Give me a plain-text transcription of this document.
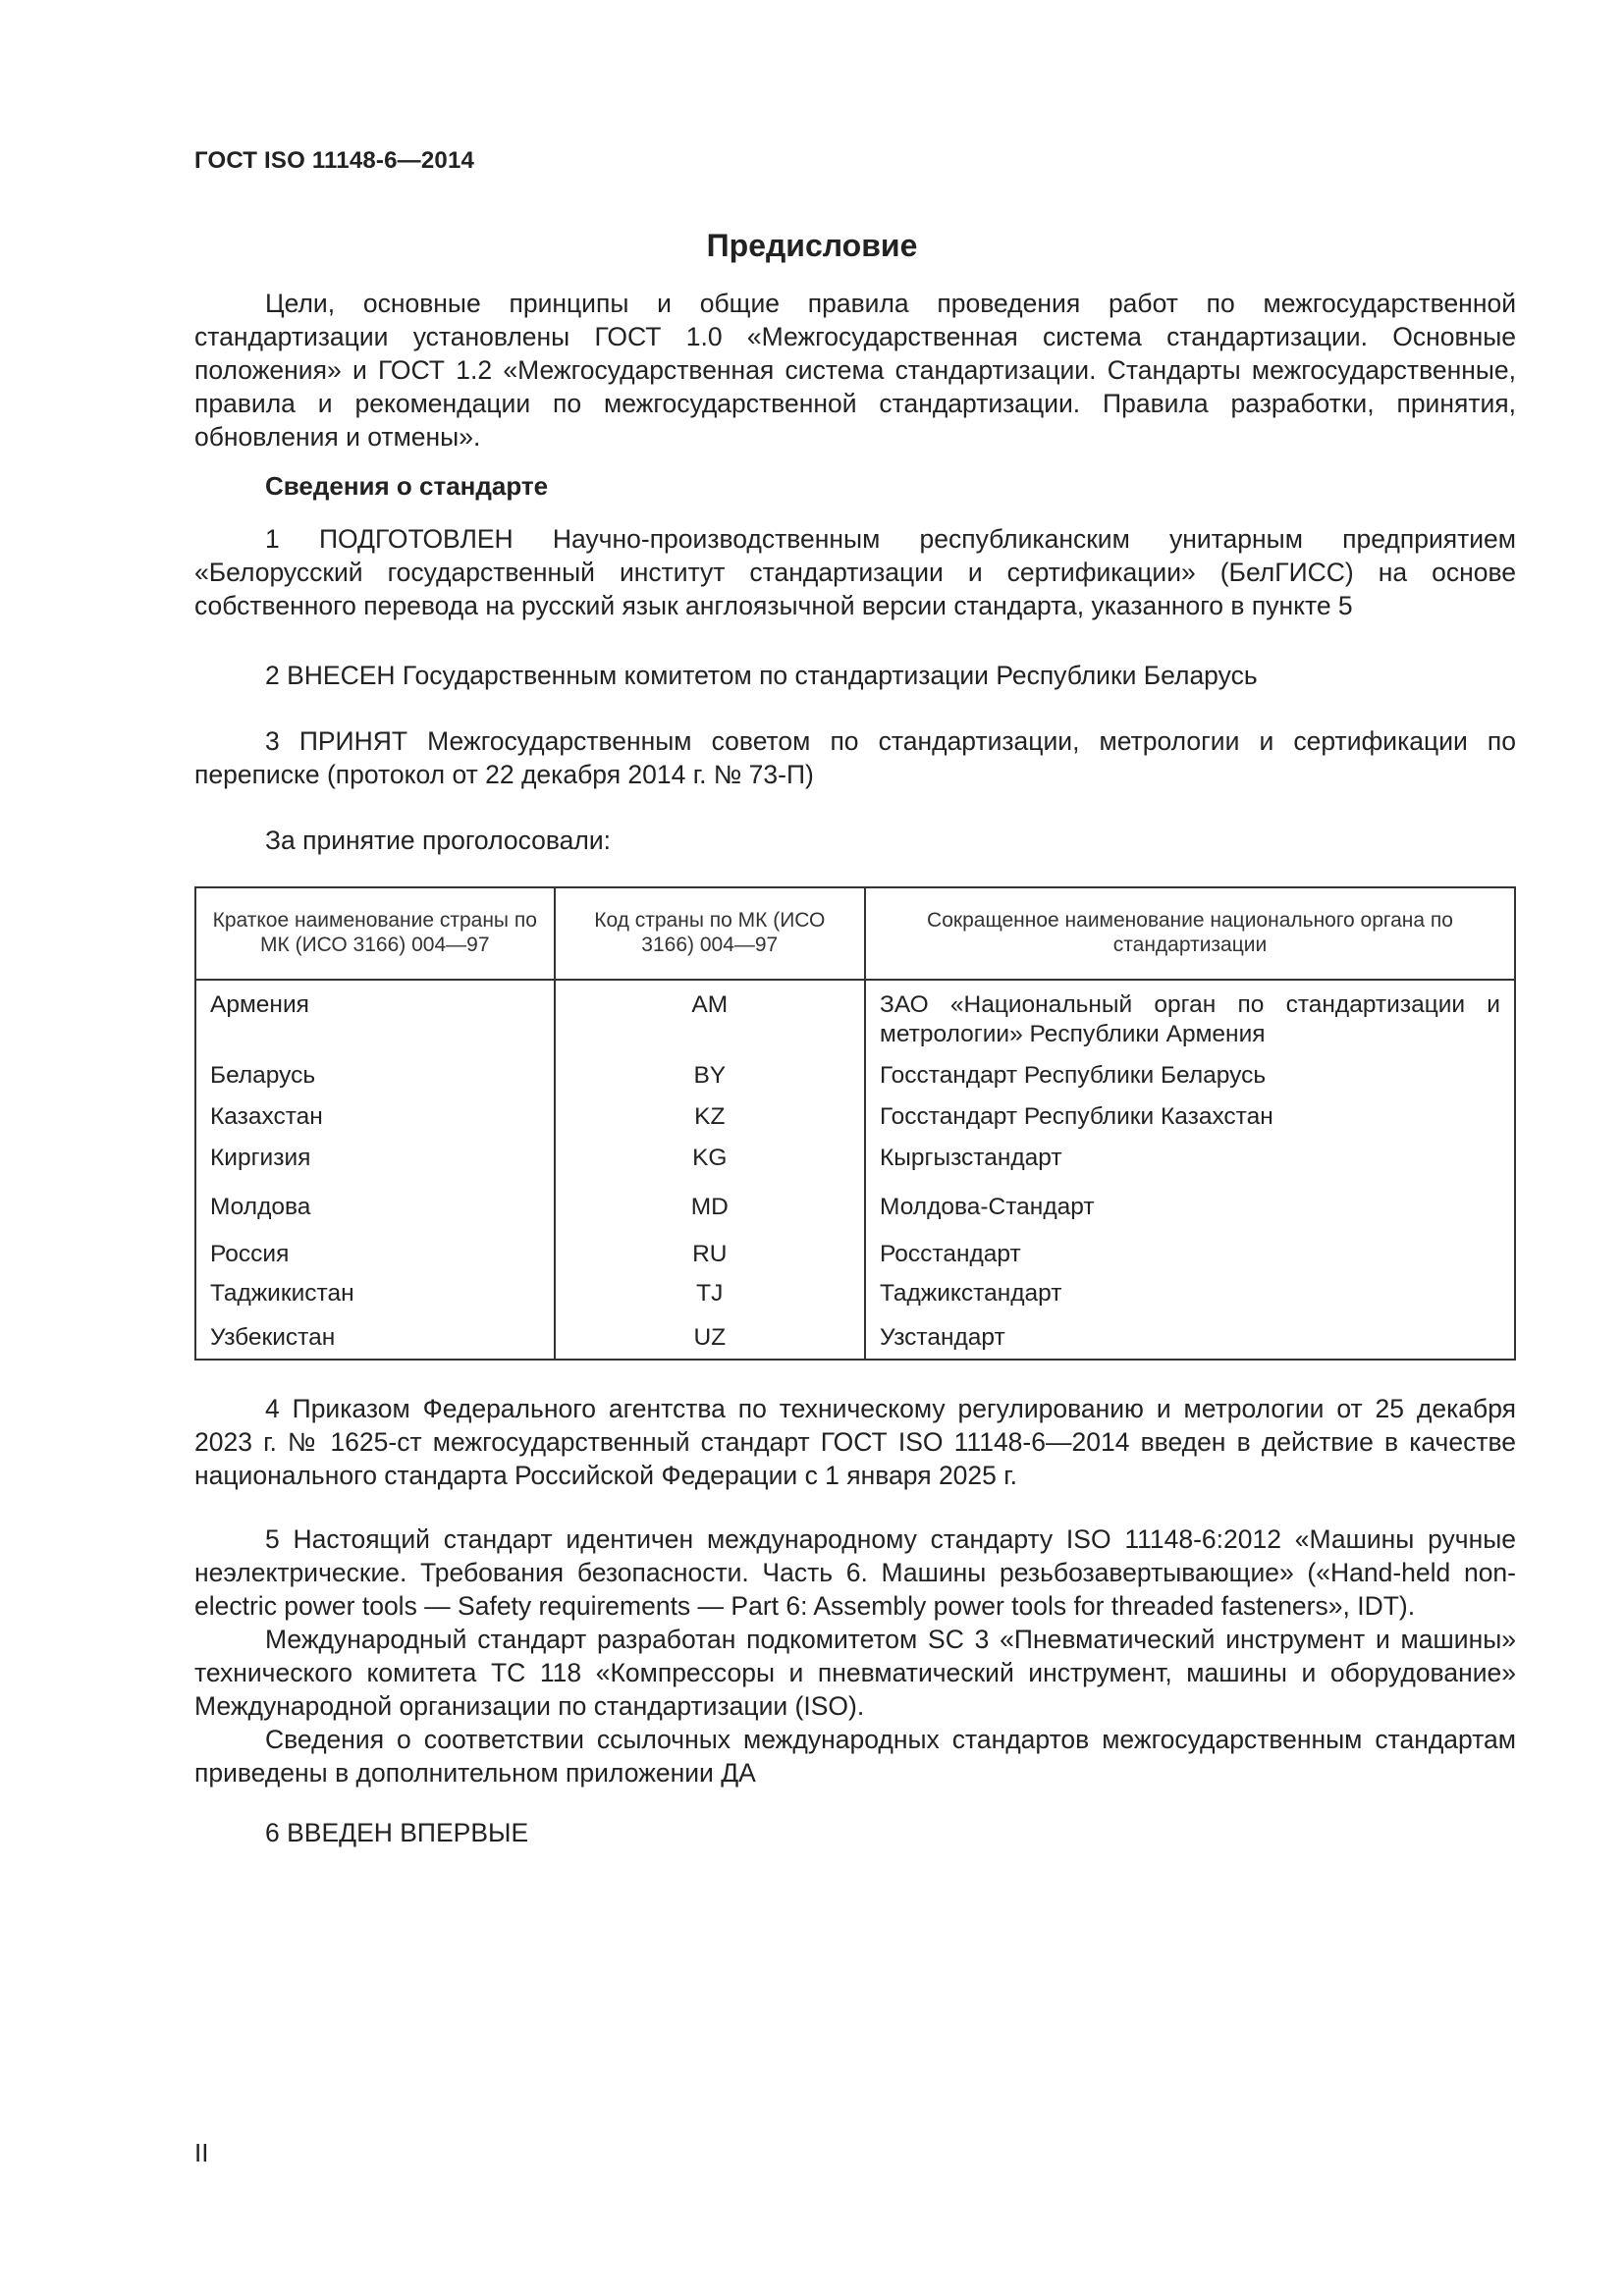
ГОСТ ISO 11148-6—2014
Предисловие

Цели, основные принципы и общие правила проведения работ по межгосударственной стандартизации установлены ГОСТ 1.0 «Межгосударственная система стандартизации. Основные положения» и ГОСТ 1.2 «Межгосударственная система стандартизации. Стандарты межгосударственные, правила и рекомендации по межгосударственной стандартизации. Правила разработки, принятия, обновления и отмены».

Сведения о стандарте

1 ПОДГОТОВЛЕН Научно-производственным республиканским унитарным предприятием «Белорусский государственный институт стандартизации и сертификации» (БелГИСС) на основе собственного перевода на русский язык англоязычной версии стандарта, указанного в пункте 5

2 ВНЕСЕН Государственным комитетом по стандартизации Республики Беларусь

3 ПРИНЯТ Межгосударственным советом по стандартизации, метрологии и сертификации по переписке (протокол от 22 декабря 2014 г. № 73-П)

За принятие проголосовали:

Краткое наименование страны по МК (ИСО 3166) 004—97	Код страны по МК (ИСО 3166) 004—97	Сокращенное наименование национального органа по стандартизации
Армения	AM	ЗАО «Национальный орган по стандартизации и метрологии» Республики Армения
Беларусь	BY	Госстандарт Республики Беларусь
Казахстан	KZ	Госстандарт Республики Казахстан
Киргизия	KG	Кыргызстандарт
Молдова	MD	Молдова-Стандарт
Россия	RU	Росстандарт
Таджикистан	TJ	Таджикстандарт
Узбекистан	UZ	Узстандарт

4 Приказом Федерального агентства по техническому регулированию и метрологии от 25 декабря 2023 г. № 1625-ст межгосударственный стандарт ГОСТ ISO 11148-6—2014 введен в действие в качестве национального стандарта Российской Федерации с 1 января 2025 г.

5 Настоящий стандарт идентичен международному стандарту ISO 11148-6:2012 «Машины ручные неэлектрические. Требования безопасности. Часть 6. Машины резьбозавертывающие» («Hand-held non-electric power tools — Safety requirements — Part 6: Assembly power tools for threaded fasteners», IDT).

Международный стандарт разработан подкомитетом SC 3 «Пневматический инструмент и машины» технического комитета TC 118 «Компрессоры и пневматический инструмент, машины и оборудование» Международной организации по стандартизации (ISO).

Сведения о соответствии ссылочных международных стандартов межгосударственным стандартам приведены в дополнительном приложении ДА

6 ВВЕДЕН ВПЕРВЫЕ

II
